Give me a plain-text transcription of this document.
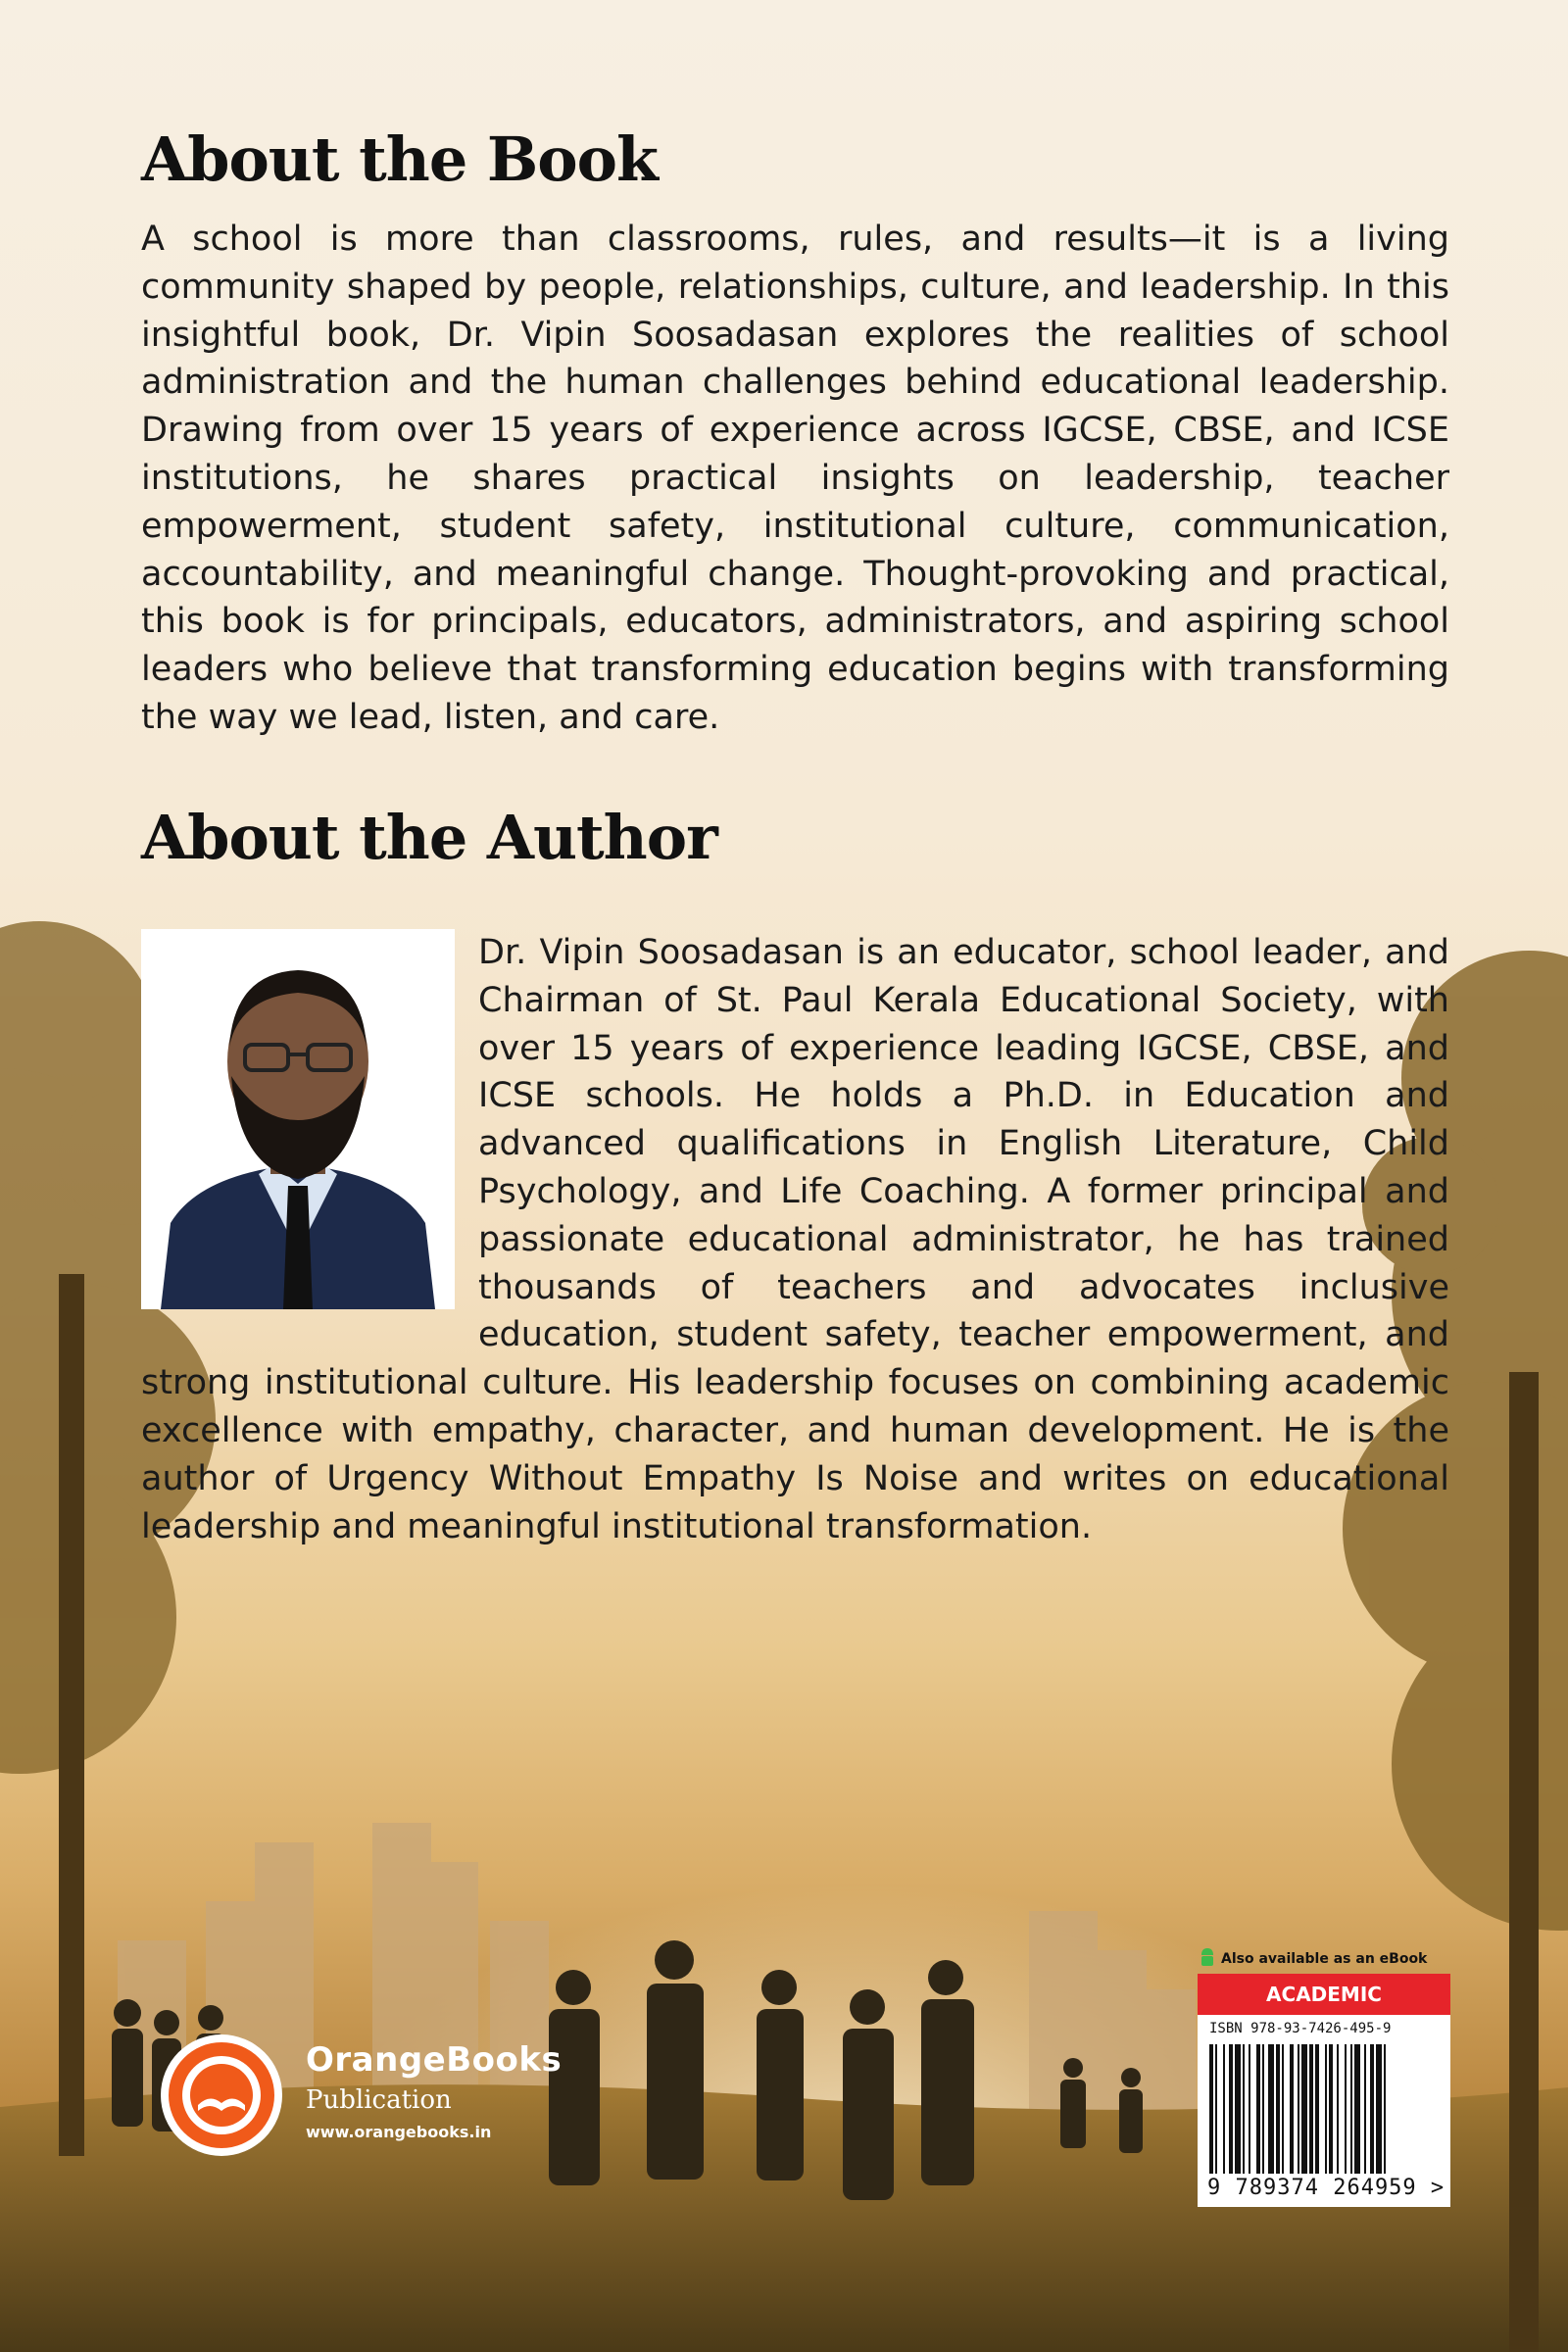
About the Book

A school is more than classrooms, rules, and results—it is a living community shaped by people, relationships, culture, and leadership. In this insightful book, Dr. Vipin Soosadasan explores the realities of school administration and the human challenges behind educational leadership. Drawing from over 15 years of experience across IGCSE, CBSE, and ICSE institutions, he shares practical insights on leadership, teacher empowerment, student safety, institutional culture, communication, accountability, and meaningful change. Thought-provoking and practical, this book is for principals, educators, administrators, and aspiring school leaders who believe that transforming education begins with transforming the way we lead, listen, and care.

About the Author

Dr. Vipin Soosadasan is an educator, school leader, and Chairman of St. Paul Kerala Educational Society, with over 15 years of experience leading IGCSE, CBSE, and ICSE schools. He holds a Ph.D. in Education and advanced qualifications in English Literature, Child Psychology, and Life Coaching. A former principal and passionate educational administrator, he has trained thousands of teachers and advocates inclusive education, student safety, teacher empowerment, and strong institutional culture. His leadership focuses on combining academic excellence with empathy, character, and human development. He is the author of Urgency Without Empathy Is Noise and writes on educational leadership and meaningful institutional transformation.

OrangeBooks
Publication
www.orangebooks.in
Also available as an eBook
ACADEMIC
ISBN 978-93-7426-495-9
9 789374 264959 >
